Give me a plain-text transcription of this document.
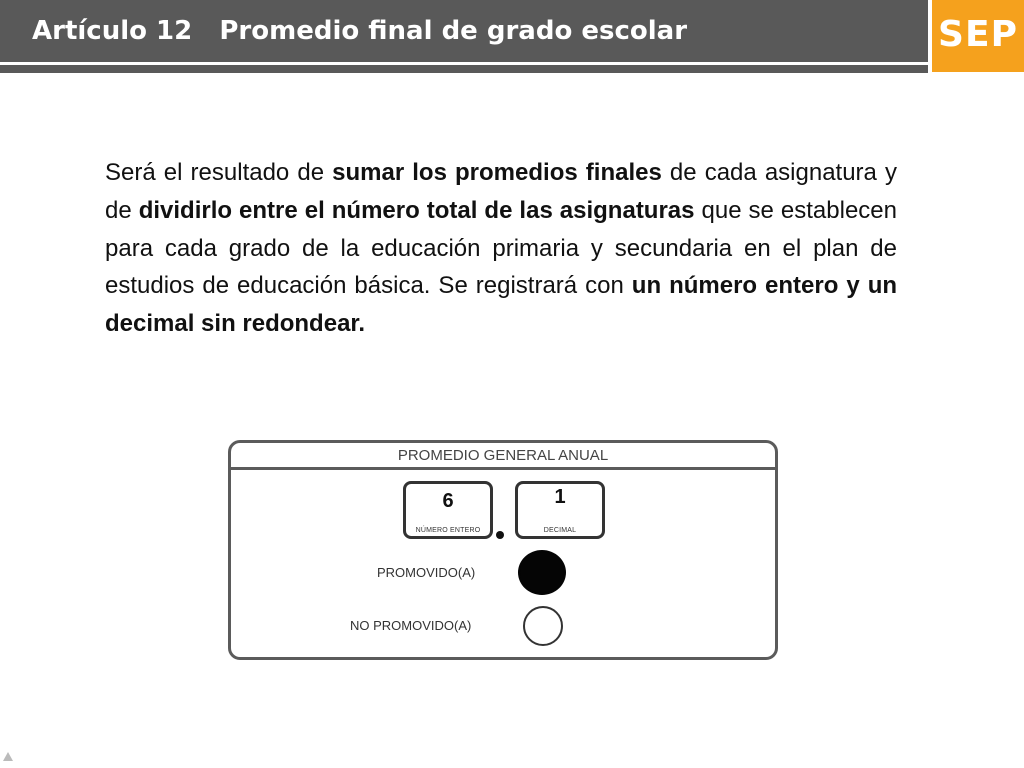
Artículo 12   Promedio final de grado escolar	SEP
Será el resultado de sumar los promedios finales de cada asignatura y de dividirlo entre el número total de las asignaturas que se establecen para cada grado de la educación primaria y secundaria en el plan de estudios de educación básica. Se registrará con un número entero y un decimal sin redondear.
PROMEDIO GENERAL ANUAL
6
NÚMERO ENTERO
1
DECIMAL
PROMOVIDO(A)
NO PROMOVIDO(A)
